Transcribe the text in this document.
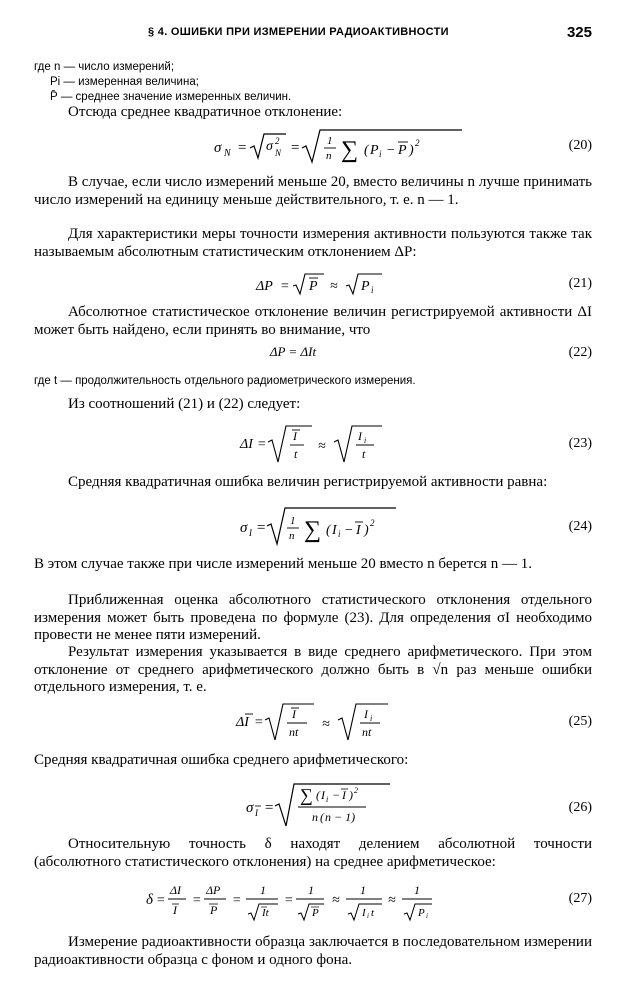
§ 4. ОШИБКИ ПРИ ИЗМЕРЕНИИ РАДИОАКТИВНОСТИ	325
где n — число измерений;
Pi — измеренная величина;
P̄ — среднее значение измеренных величин.

Отсюда среднее квадратичное отклонение:

σ N = σ 2
N = 1
n ∑ ( P i − P ) 2	(20)

В случае, если число измерений меньше 20, вместо величины n лучше принимать число измерений на единицу меньше действительного, т. е. n — 1.

Для характеристики меры точности измерения активности пользуются также так называемым абсолютным статистическим отклонением ΔP:

ΔP = P ≈ P i	(21)

Абсолютное статистическое отклонение величин регистрируемой активности ΔI может быть найдено, если принять во внимание, что

ΔP = ΔIt	(22)
где t — продолжительность отдельного радиометрического измерения.

Из соотношений (21) и (22) следует:

ΔI =
I
t ≈
I i
t
(23)

Средняя квадратичная ошибка величин регистрируемой активности равна:

σ I = 1
n ∑ ( I i − I ) 2	(24)

В этом случае также при числе измерений меньше 20 вместо n берется n — 1.

Приближенная оценка абсолютного статистического отклонения отдельного измерения может быть проведена по формуле (23). Для определения σI необходимо провести не менее пяти измерений.

Результат измерения указывается в виде среднего арифметического. При этом отклонение от среднего арифметического должно быть в √n раз меньше ошибки отдельного измерения, т. е.

ΔI =
I
nt ≈
I i
nt
(25)

Средняя квадратичная ошибка среднего арифметического:

σ I =
∑ ( I i − I ) 2
n ( n − 1)
(26)

Относительную точность δ находят делением абсолютной точности (абсолютного статистического отклонения) на среднее арифметическое:

δ =
ΔI
I
=
ΔP
P
=
1
It
=
1
P
≈
1
I i t
≈
1
P i
(27)

Измерение радиоактивности образца заключается в последовательном измерении радиоактивности образца с фоном и одного фона.
